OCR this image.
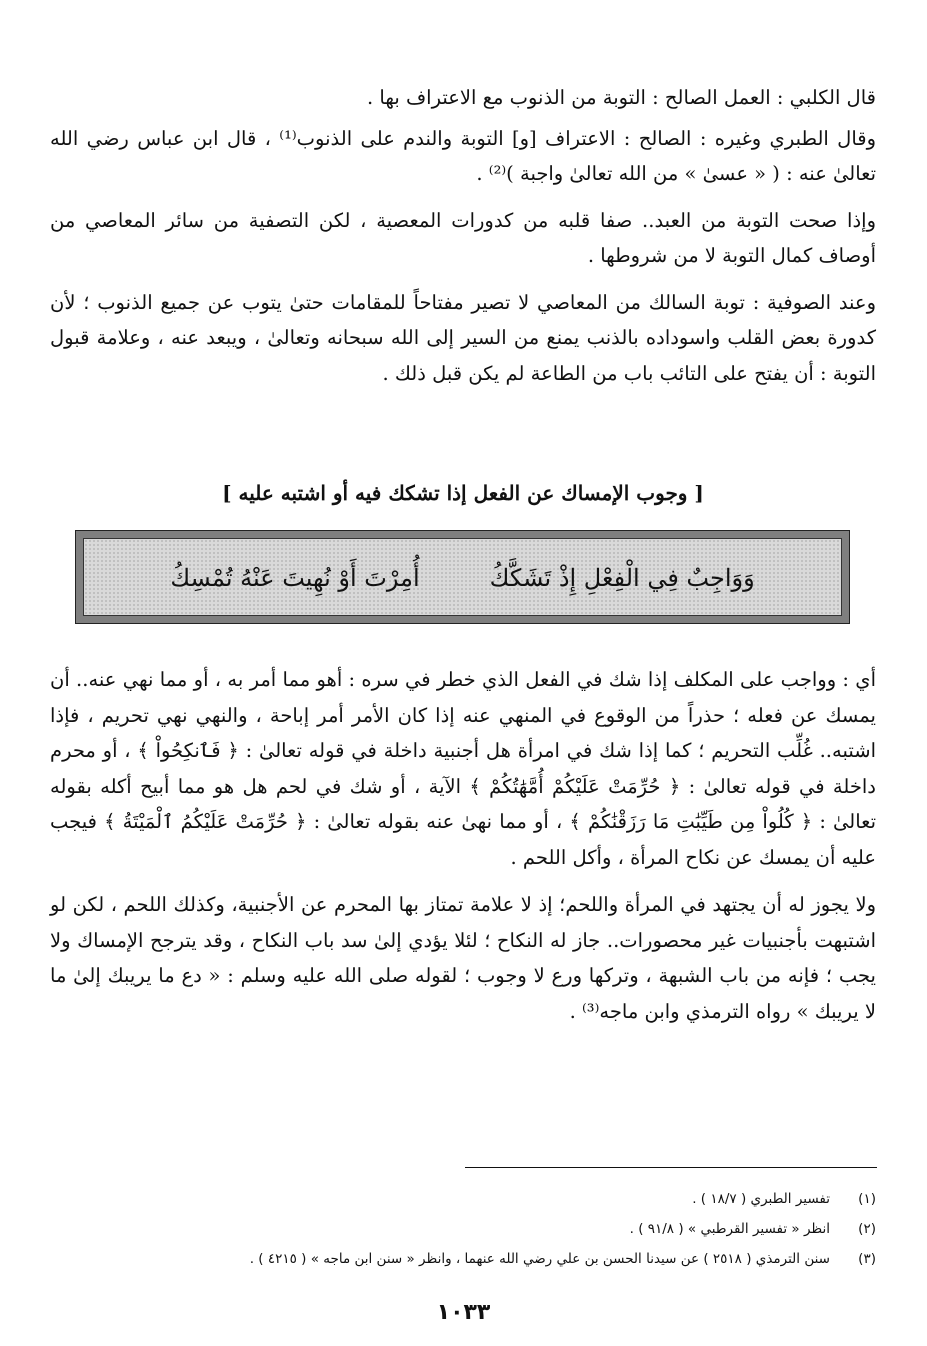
قال الكلبي : العمل الصالح : التوبة من الذنوب مع الاعتراف بها .

وقال الطبري وغيره : الصالح : الاعتراف [و] التوبة والندم على الذنوب⁽¹⁾ ، قال ابن عباس رضي الله تعالىٰ عنه : ( « عسىٰ » من الله تعالىٰ واجبة )⁽²⁾ .

وإذا صحت التوبة من العبد.. صفا قلبه من كدورات المعصية ، لكن التصفية من سائر المعاصي من أوصاف كمال التوبة لا من شروطها .

وعند الصوفية : توبة السالك من المعاصي لا تصير مفتاحاً للمقامات حتىٰ يتوب عن جميع الذنوب ؛ لأن كدورة بعض القلب واسوداده بالذنب يمنع من السير إلى الله سبحانه وتعالىٰ ، ويبعد عنه ، وعلامة قبول التوبة : أن يفتح على التائب باب من الطاعة لم يكن قبل ذلك .

[ وجوب الإمساك عن الفعل إذا تشكك فيه أو اشتبه عليه ]
وَوَاجِبٌ فِي الْفِعْلِ إِذْ تَشَكَّكُأُمِرْتَ أَوْ نُهِيتَ عَنْهُ تُمْسِكُ

أي : وواجب على المكلف إذا شك في الفعل الذي خطر في سره : أهو مما أمر به ، أو مما نهي عنه.. أن يمسك عن فعله ؛ حذراً من الوقوع في المنهي عنه إذا كان الأمر أمر إباحة ، والنهي نهي تحريم ، فإذا اشتبه.. غُلِّب التحريم ؛ كما إذا شك في امرأة هل أجنبية داخلة في قوله تعالىٰ : ﴿ فَٱنكِحُواْ ﴾ ، أو محرم داخلة في قوله تعالىٰ : ﴿ حُرِّمَتْ عَلَيْكُمْ أُمَّهَٰتُكُمْ ﴾ الآية ، أو شك في لحم هل هو مما أبيح أكله بقوله تعالىٰ : ﴿ كُلُواْ مِن طَيِّبَٰتِ مَا رَزَقْنَٰكُمْ ﴾ ، أو مما نهىٰ عنه بقوله تعالىٰ : ﴿ حُرِّمَتْ عَلَيْكُمُ ٱلْمَيْتَةُ ﴾ فيجب عليه أن يمسك عن نكاح المرأة ، وأكل اللحم .

ولا يجوز له أن يجتهد في المرأة واللحم؛ إذ لا علامة تمتاز بها المحرم عن الأجنبية، وكذلك اللحم ، لكن لو اشتبهت بأجنبيات غير محصورات.. جاز له النكاح ؛ لئلا يؤدي إلىٰ سد باب النكاح ، وقد يترجح الإمساك ولا يجب ؛ فإنه من باب الشبهة ، وتركها ورع لا وجوب ؛ لقوله صلى الله عليه وسلم : « دع ما يريبك إلىٰ ما لا يريبك » رواه الترمذي وابن ماجه⁽³⁾ .

(١)تفسير الطبري ( ١٨/٧ ) .
(٢)انظر « تفسير القرطبي » ( ٩١/٨ ) .
(٣)سنن الترمذي ( ٢٥١٨ ) عن سيدنا الحسن بن علي رضي الله عنهما ، وانظر « سنن ابن ماجه » ( ٤٢١٥ ) .
١٠٣٣
